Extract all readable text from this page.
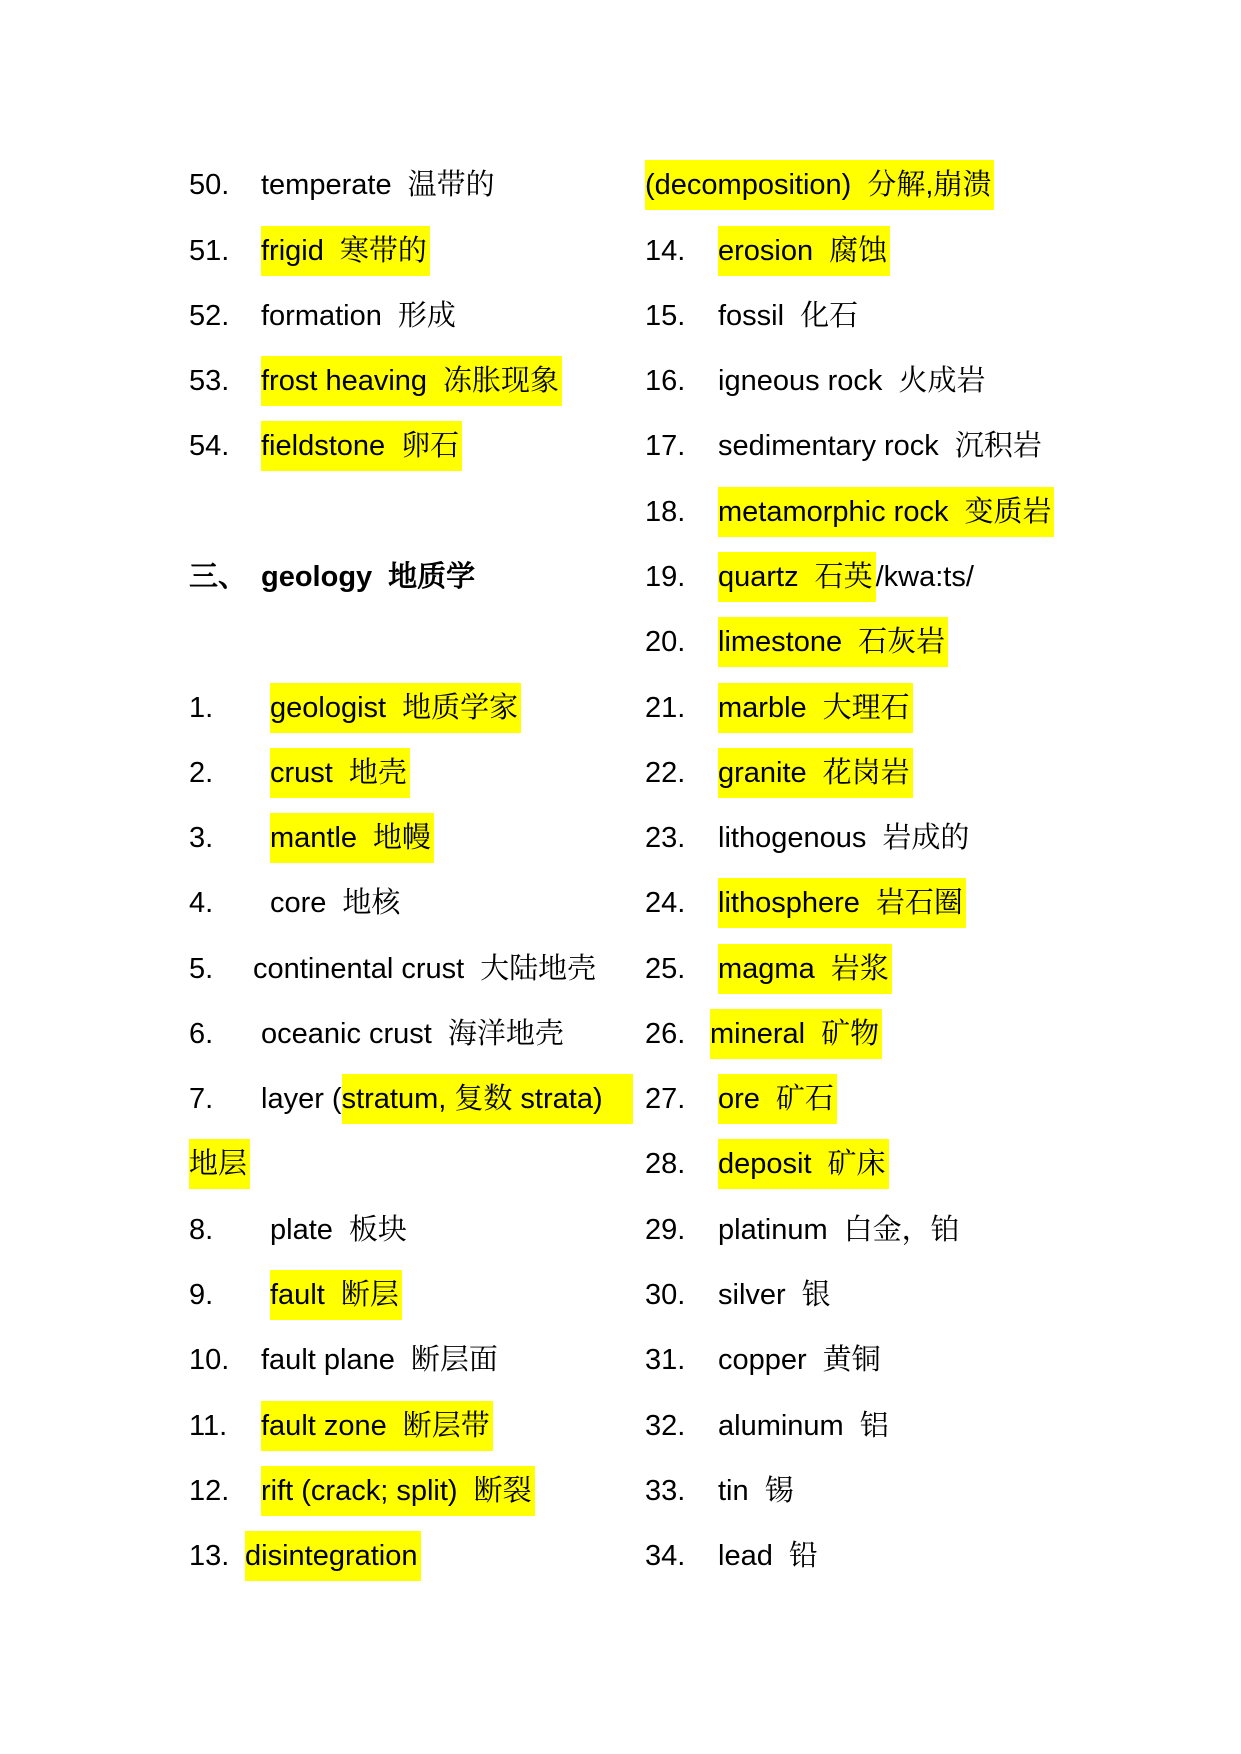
50. temperate 温带的
51. frigid 寒带的
52. formation 形成
53. frost heaving 冻胀现象
54. fieldstone 卵石
三、 geology 地质学
1. geologist 地质学家
2. crust 地壳
3. mantle 地幔
4. core 地核
5. continental crust 大陆地壳
6. oceanic crust 海洋地壳
7. layer (stratum, 复数 strata)
地层
8. plate 板块
9. fault 断层
10. fault plane 断层面
11. fault zone 断层带
12. rift (crack; split) 断裂
13. disintegration
(decomposition) 分解,崩溃
14. erosion 腐蚀
15. fossil 化石
16. igneous rock 火成岩
17. sedimentary rock 沉积岩
18. metamorphic rock 变质岩
19. quartz 石英 /kwa:ts/
20. limestone 石灰岩
21. marble 大理石
22. granite 花岗岩
23. lithogenous 岩成的
24. lithosphere 岩石圈
25. magma 岩浆
26. mineral 矿物
27. ore 矿石
28. deposit 矿床
29. platinum 白金，铂
30. silver 银
31. copper 黄铜
32. aluminum 铝
33. tin 锡
34. lead 铅
